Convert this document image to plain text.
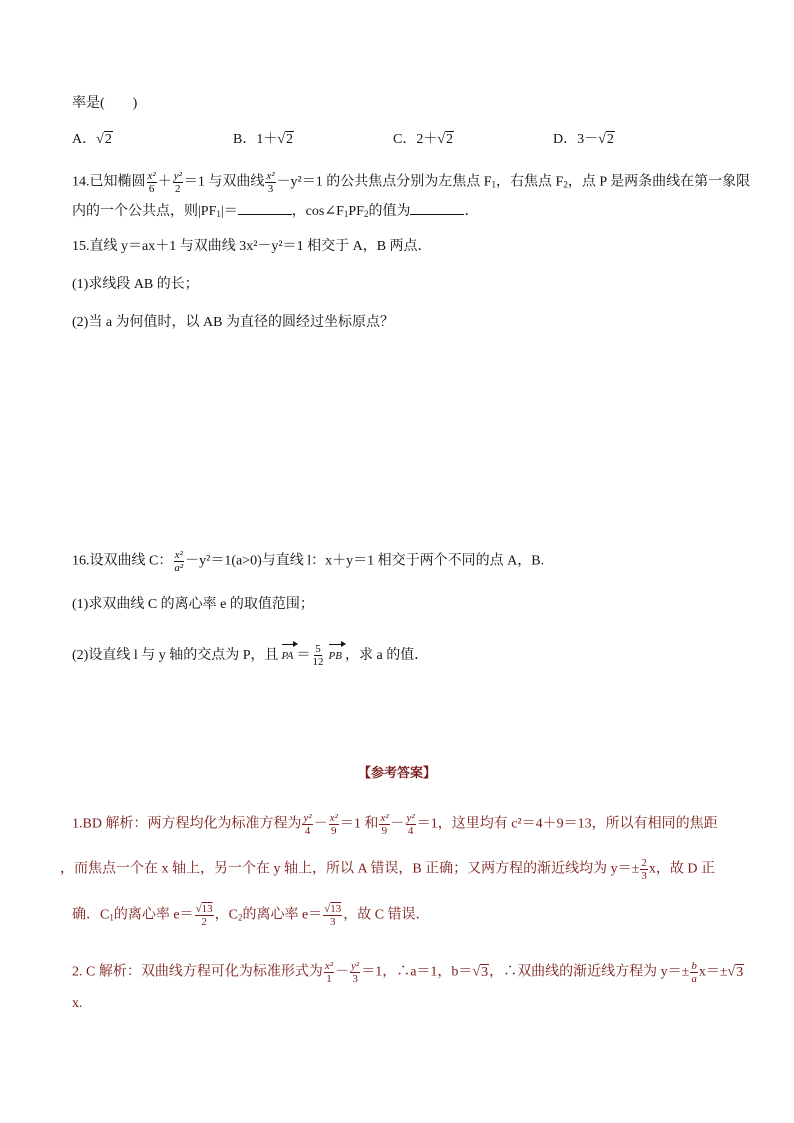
率是(　　)
A．√2	B．1＋√2	C．2＋√2	D．3－√2
14.已知椭圆 $\frac{\text{x²}}{6} + \frac{\text{y²}}{2} =1$ 与双曲线 $\frac{\text{x²}}{3} -y^2=1$ 的公共焦点分别为左焦点 $F_1$，右焦点 $F_2$，点 P 是两条曲线在第一象限
内的一个公共点，则$|PF_1|=$	，$\cos\angle F_1PF_2$的值为	．
15.直线 y＝ax＋1 与双曲线 3x²－y²＝1 相交于 A，B 两点．
(1)求线段 AB 的长；
(2)当 a 为何值时，以 AB 为直径的圆经过坐标原点？
16.设双曲线 C： $\frac{\text{x²}}{\text{a²}} -y^2=1(a>0)$与直线 l：x＋y＝1 相交于两个不同的点 A，B.
(1)求双曲线 C 的离心率 e 的取值范围；
(2)设直线 l 与 y 轴的交点为 P，且 PA ＝ $\frac{5}{12}$ PB ，求 a 的值．
【参考答案】
1.BD 解析：两方程均化为标准方程为 $\frac{\text{y²}}{4} - \frac{\text{x²}}{9} =1$ 和 $\frac{\text{x²}}{9} - \frac{\text{y²}}{4} =1$，这里均有 c²＝4＋9＝13，所以有相同的焦距
，而焦点一个在 x 轴上，另一个在 y 轴上，所以 A 错误，B 正确；又两方程的渐近线均为 $y=\pm \frac{2}{3}$ x，故 D 正
确．$C_1$的离心率 $e= \frac{√13}{2}$ ，$C_2$的离心率 $e= \frac{√13}{3}$ ，故 C 错误．
2. C 解析：双曲线方程可化为标准形式为 $\frac{\text{x²}}{1} - \frac{\text{y²}}{3} =1$，∴a＝1，b＝√3，∴双曲线的渐近线方程为 $y=\pm \frac{b}{a} x=\pm√3$
x.
